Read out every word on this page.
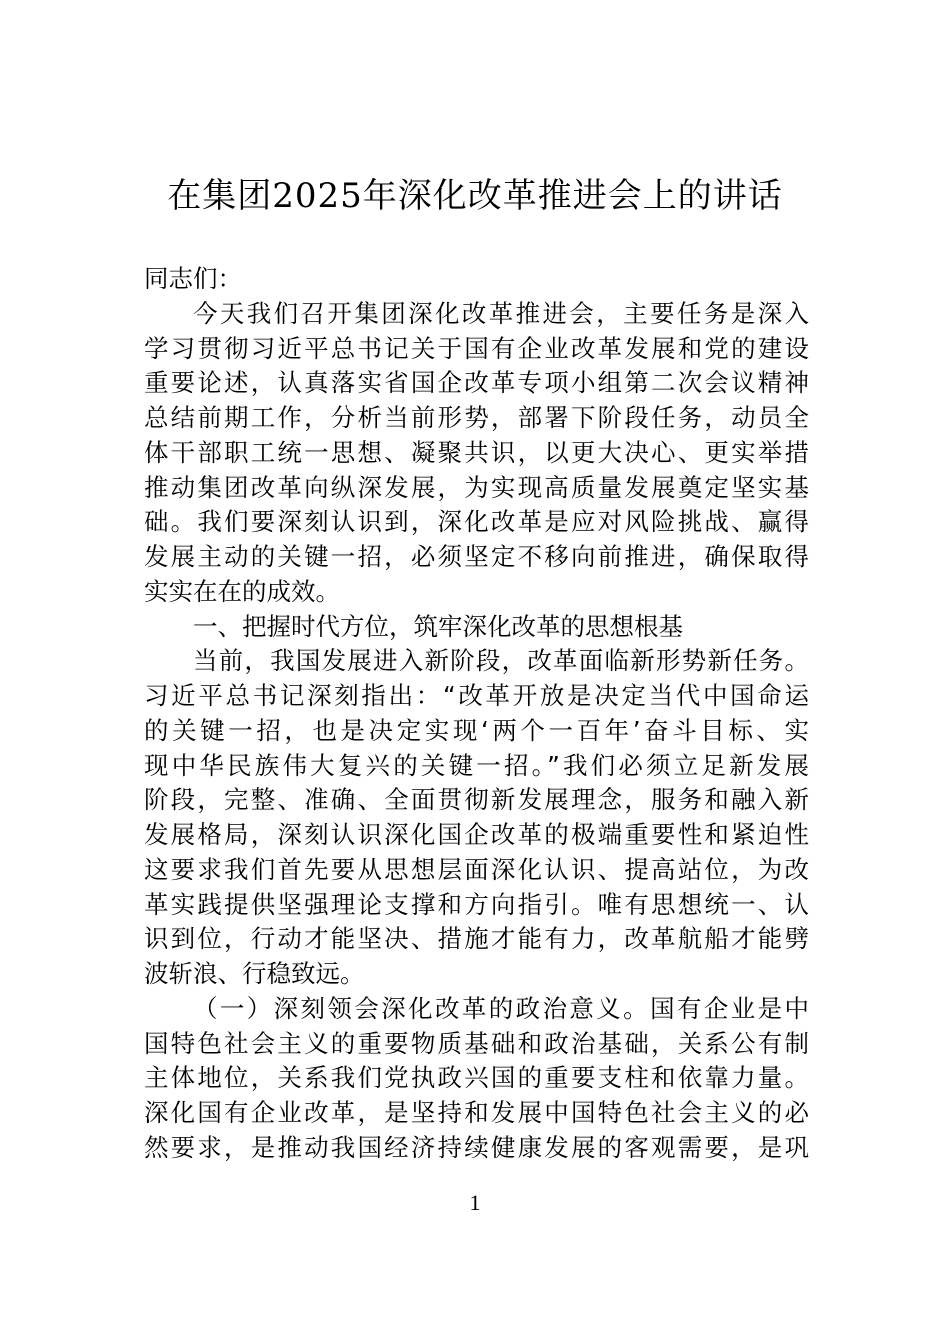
在集团2025年深化改革推进会上的讲话
同志们：
今天我们召开集团深化改革推进会，主要任务是深入
学习贯彻习近平总书记关于国有企业改革发展和党的建设
重要论述，认真落实省国企改革专项小组第二次会议精神
总结前期工作，分析当前形势，部署下阶段任务，动员全
体干部职工统一思想、凝聚共识，以更大决心、更实举措
推动集团改革向纵深发展，为实现高质量发展奠定坚实基
础。我们要深刻认识到，深化改革是应对风险挑战、赢得
发展主动的关键一招，必须坚定不移向前推进，确保取得
实实在在的成效。
一、把握时代方位，筑牢深化改革的思想根基
当前，我国发展进入新阶段，改革面临新形势新任务。
习近平总书记深刻指出：“改革开放是决定当代中国命运
的关键一招，也是决定实现‘两个一百年’奋斗目标、实
现中华民族伟大复兴的关键一招。”我们必须立足新发展
阶段，完整、准确、全面贯彻新发展理念，服务和融入新
发展格局，深刻认识深化国企改革的极端重要性和紧迫性
这要求我们首先要从思想层面深化认识、提高站位，为改
革实践提供坚强理论支撑和方向指引。唯有思想统一、认
识到位，行动才能坚决、措施才能有力，改革航船才能劈
波斩浪、行稳致远。
（一）深刻领会深化改革的政治意义。国有企业是中
国特色社会主义的重要物质基础和政治基础，关系公有制
主体地位，关系我们党执政兴国的重要支柱和依靠力量。
深化国有企业改革，是坚持和发展中国特色社会主义的必
然要求，是推动我国经济持续健康发展的客观需要，是巩
1
